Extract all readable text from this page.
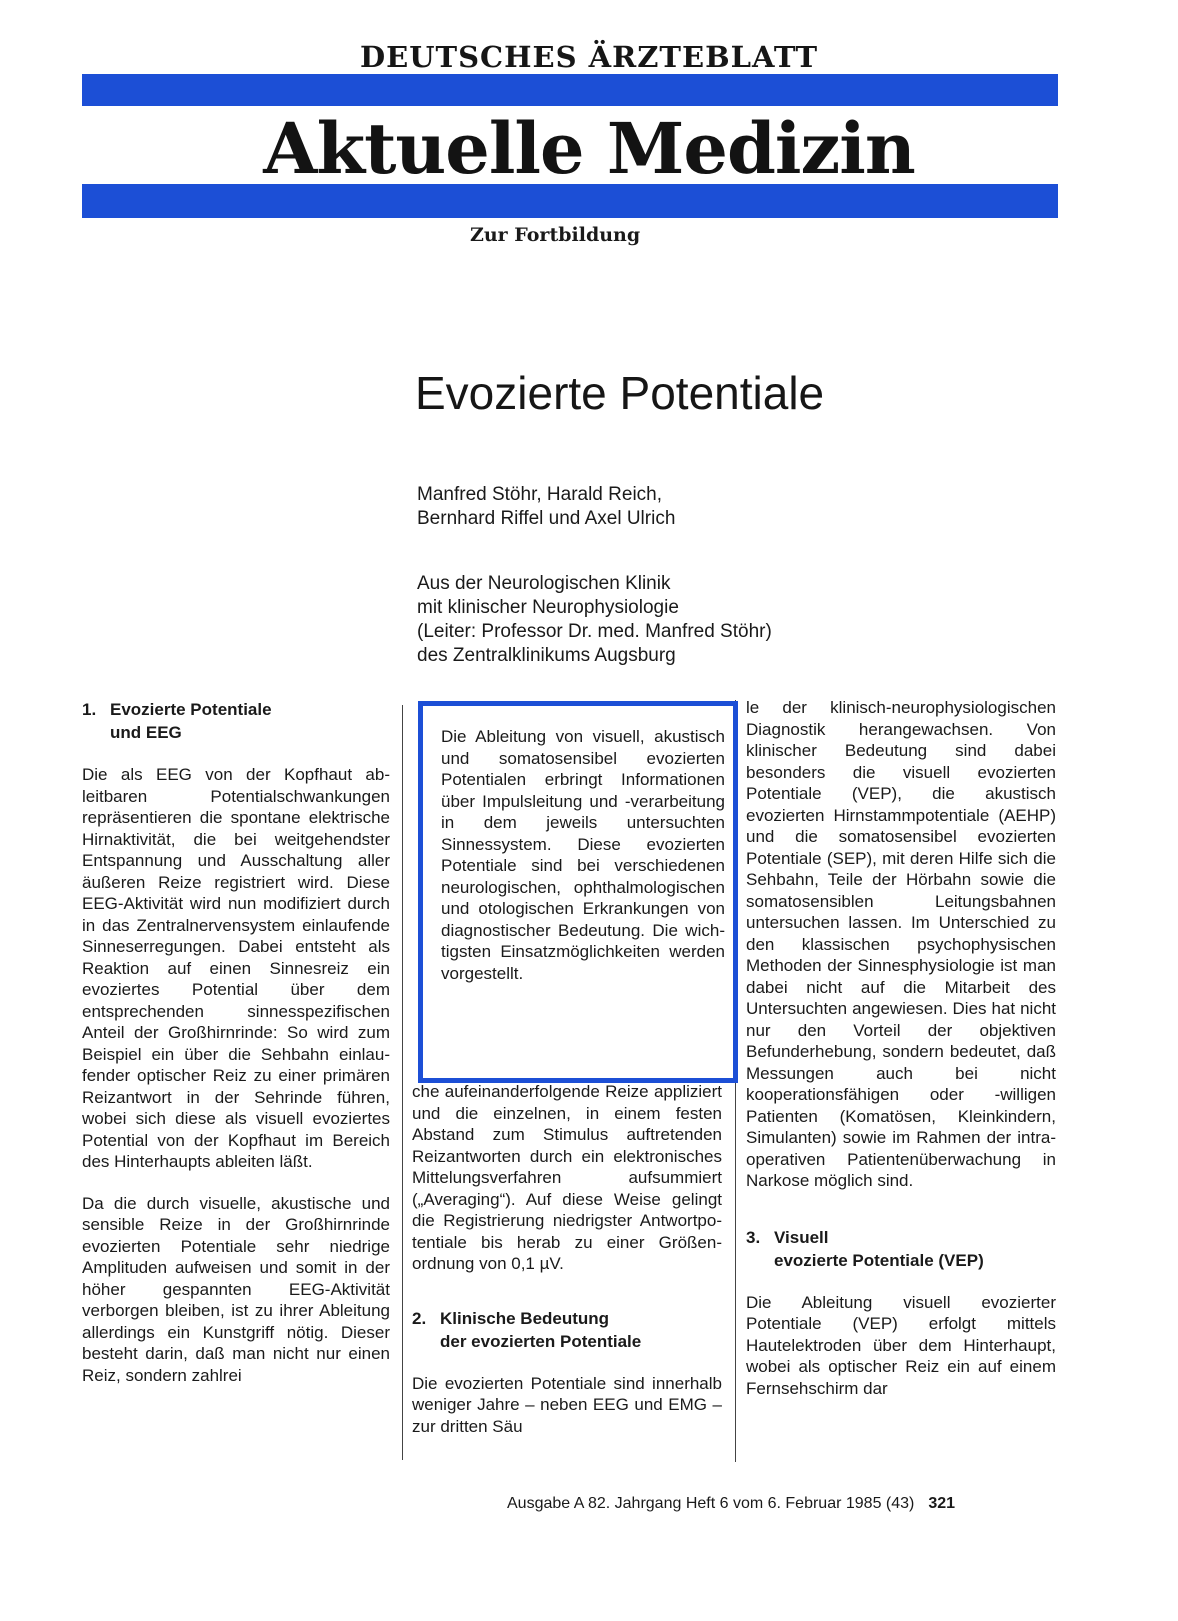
DEUTSCHES ÄRZTEBLATT
Aktuelle Medizin
Zur Fortbildung
Evozierte Potentiale
Manfred Stöhr, Harald Reich,
Bernhard Riffel und Axel Ulrich
Aus der Neurologischen Klinik
mit klinischer Neurophysiologie
(Leiter: Professor Dr. med. Manfred Stöhr)
des Zentralklinikums Augsburg
1. Evozierte Potentiale
und EEG

Die als EEG von der Kopfhaut ableitbaren Potentialschwankungen repräsentieren die spontane elektrische Hirnaktivität, die bei weitgehendster Entspannung und Ausschaltung aller äußeren Reize registriert wird. Diese EEG-Aktivität wird nun modifiziert durch in das Zentralnervensystem einlaufende Sinneserregungen. Dabei entsteht als Reaktion auf einen Sinnesreiz ein evoziertes Potential über dem entsprechenden sinnesspezifischen Anteil der Großhirnrinde: So wird zum Beispiel ein über die Sehbahn einlaufender optischer Reiz zu einer primären Reizantwort in der Sehrinde führen, wobei sich diese als visuell evoziertes Potential von der Kopfhaut im Bereich des Hinterhaupts ableiten läßt.

Da die durch visuelle, akustische und sensible Reize in der Großhirnrinde evozierten Potentiale sehr niedrige Amplituden aufweisen und somit in der höher gespannten EEG-Aktivität verborgen bleiben, ist zu ihrer Ableitung allerdings ein Kunstgriff nötig. Dieser besteht darin, daß man nicht nur einen Reiz, sondern zahlrei

Die Ableitung von visuell, akustisch und somatosensibel evozierten Potentialen erbringt Informationen über Impulsleitung und -verarbeitung in dem jeweils untersuchten Sinnessystem. Diese evozierten Potentiale sind bei verschiedenen neurologischen, ophthalmologischen und otologischen Erkrankungen von diagnostischer Bedeutung. Die wichtigsten Einsatzmöglichkeiten werden vorgestellt.

che aufeinanderfolgende Reize appliziert und die einzelnen, in einem festen Abstand zum Stimulus auftretenden Reizantworten durch ein elektronisches Mittelungsverfahren aufsummiert („Averaging“). Auf diese Weise gelingt die Registrierung niedrigster Antwortpotentiale bis herab zu einer Größenordnung von 0,1 µV.

2. Klinische Bedeutung
der evozierten Potentiale

Die evozierten Potentiale sind innerhalb weniger Jahre – neben EEG und EMG – zur dritten Säu

le der klinisch-neurophysiologischen Diagnostik herangewachsen. Von klinischer Bedeutung sind dabei besonders die visuell evozierten Potentiale (VEP), die akustisch evozierten Hirnstammpotentiale (AEHP) und die somatosensibel evozierten Potentiale (SEP), mit deren Hilfe sich die Sehbahn, Teile der Hörbahn sowie die somatosensiblen Leitungsbahnen untersuchen lassen. Im Unterschied zu den klassischen psychophysischen Methoden der Sinnesphysiologie ist man dabei nicht auf die Mitarbeit des Untersuchten angewiesen. Dies hat nicht nur den Vorteil der objektiven Befunderhebung, sondern bedeutet, daß Messungen auch bei nicht kooperationsfähigen oder -willigen Patienten (Komatösen, Kleinkindern, Simulanten) sowie im Rahmen der intraoperativen Patientenüberwachung in Narkose möglich sind.

3. Visuell
evozierte Potentiale (VEP)

Die Ableitung visuell evozierter Potentiale (VEP) erfolgt mittels Hautelektroden über dem Hinterhaupt, wobei als optischer Reiz ein auf einem Fernsehschirm dar

Ausgabe A 82. Jahrgang Heft 6 vom 6. Februar 1985 (43) 321
